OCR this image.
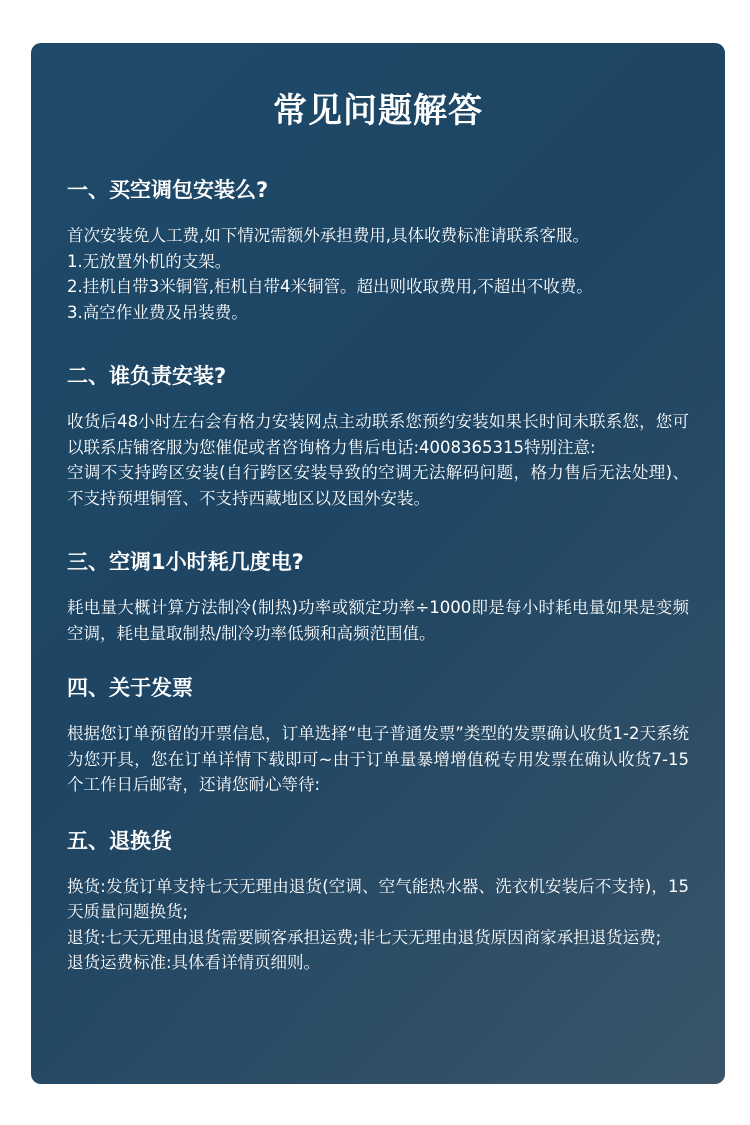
常见问题解答
一、买空调包安装么?

首次安装免人工费,如下情况需额外承担费用,具体收费标准请联系客服。

1.无放置外机的支架。

2.挂机自带3米铜管,柜机自带4米铜管。超出则收取费用,不超出不收费。

3.高空作业费及吊装费。

二、谁负责安装?

收货后48小时左右会有格力安装网点主动联系您预约安装如果长时间未联系您，您可以联系店铺客服为您催促或者咨询格力售后电话:4008365315特别注意:

空调不支持跨区安装(自行跨区安装导致的空调无法解码问题，格力售后无法处理)、不支持预埋铜管、不支持西藏地区以及国外安装。

三、空调1小时耗几度电?

耗电量大概计算方法制冷(制热)功率或额定功率÷1000即是每小时耗电量如果是变频空调，耗电量取制热/制冷功率低频和高频范围值。

四、关于发票

根据您订单预留的开票信息，订单选择“电子普通发票”类型的发票确认收货1-2天系统为您开具，您在订单详情下载即可~由于订单量暴增增值税专用发票在确认收货7-15个工作日后邮寄，还请您耐心等待:

五、退换货

换货:发货订单支持七天无理由退货(空调、空气能热水器、洗衣机安装后不支持)，15天质量问题换货;

退货:七天无理由退货需要顾客承担运费;非七天无理由退货原因商家承担退货运费;

退货运费标准:具体看详情页细则。
